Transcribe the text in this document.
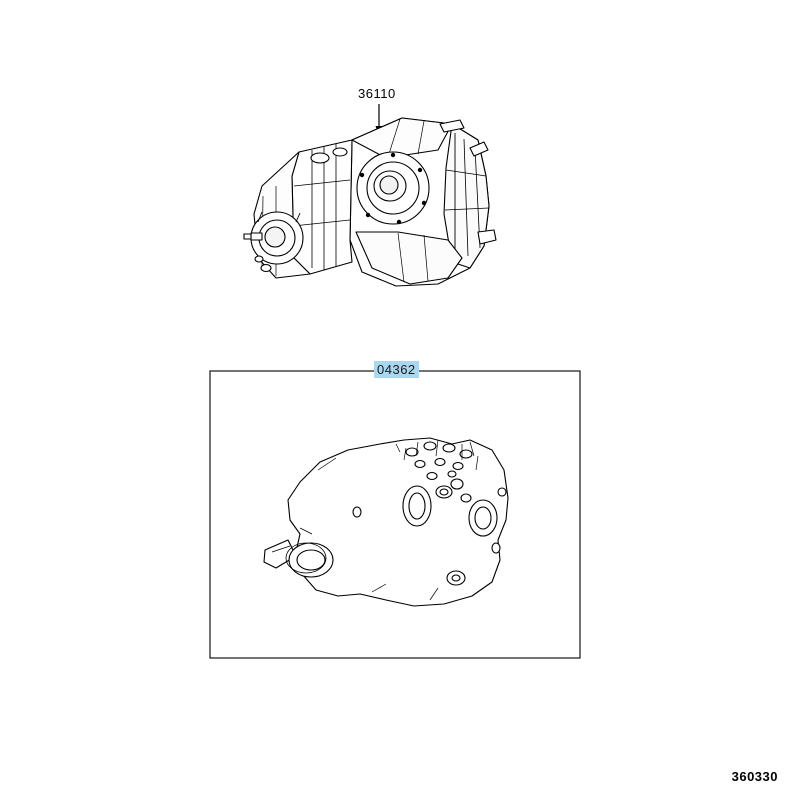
36110
04362
360330
